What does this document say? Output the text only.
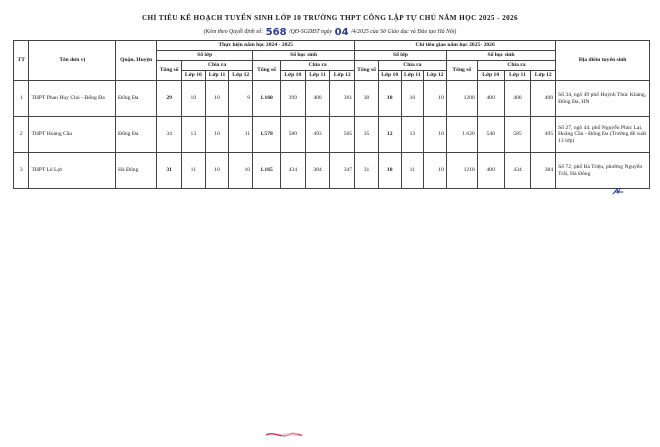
CHỈ TIÊU KẾ HOẠCH TUYỂN SINH LỚP 10 TRƯỜNG THPT CÔNG LẬP TỰ CHỦ NĂM HỌC 2025 - 2026
(Kèm theo Quyết định số: 568 /QĐ-SGDĐT ngày 04 /4/2025 của Sở Giáo dục và Đào tạo Hà Nội)
TT	Tên đơn vị	Quận, Huyện	Thực hiện năm học 2024 - 2025								Chỉ tiêu giao năm học 2025- 2026								Địa điểm tuyển sinh
			Số lớp				Số học sinh				Số lớp				Số học sinh				
			Tổng số	Chia ra			Tổng số	Chia ra			Tổng số	Chia ra			Tổng số	Chia ra			
				Lớp 10	Lớp 11	Lớp 12		Lớp 10	Lớp 11	Lớp 12		Lớp 10	Lớp 11	Lớp 12		Lớp 10	Lớp 11	Lớp 12	
1	THPT Phan Huy Chú - Đống Đa	Đống Đa	29	10	10	9	1.160	399	400	361	30	10	10	10	1200	400	400	400	Số 34, ngõ 49 phố Huỳnh Thúc Kháng, Đống Đa, HN
2	THPT Hoàng Cầu	Đống Đa	34	13	10	11	1.578	580	493	505	35	12	13	10	1.620	540	585	495	Số 27, ngõ 44, phố Nguyễn Phúc Lai, Hoàng Cầu - Đống Đa (Trường đề xuất 13 lớp)
3	THPT Lê Lợi	Hà Đông	31	11	10	10	1.165	434	384	347	31	10	11	10	1218	400	434	384	Số 72, phố Bà Triệu, phường Nguyễn Trãi, Hà Đông
